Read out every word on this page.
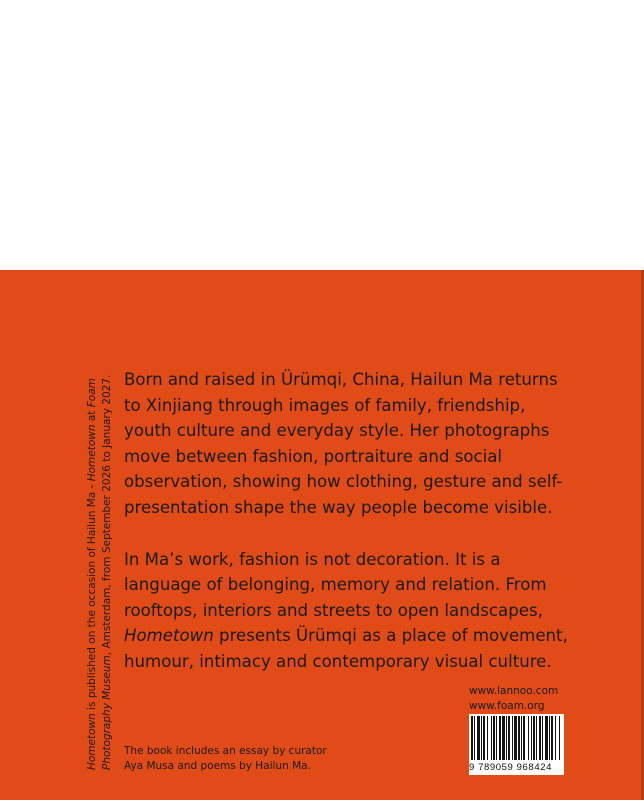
Hometown is published on the occasion of Hailun Ma - Hometown at Foam Photography Museum, Amsterdam, from September 2026 to January 2027. Born and raised in Ürümqi, China, Hailun Ma returns to Xinjiang through images of family, friendship, youth culture and everyday style. Her photographs move between fashion, portraiture and social observation, showing how clothing, gesture and self-presentation shape the way people become visible.

In Ma’s work, fashion is not decoration. It is a language of belonging, memory and relation. From rooftops, interiors and streets to open landscapes, Hometown presents Ürümqi as a place of movement, humour, intimacy and contemporary visual culture.

www.lannoo.com
www.foam.org
9 789059 968424
The book includes an essay by curator
Aya Musa and poems by Hailun Ma.
